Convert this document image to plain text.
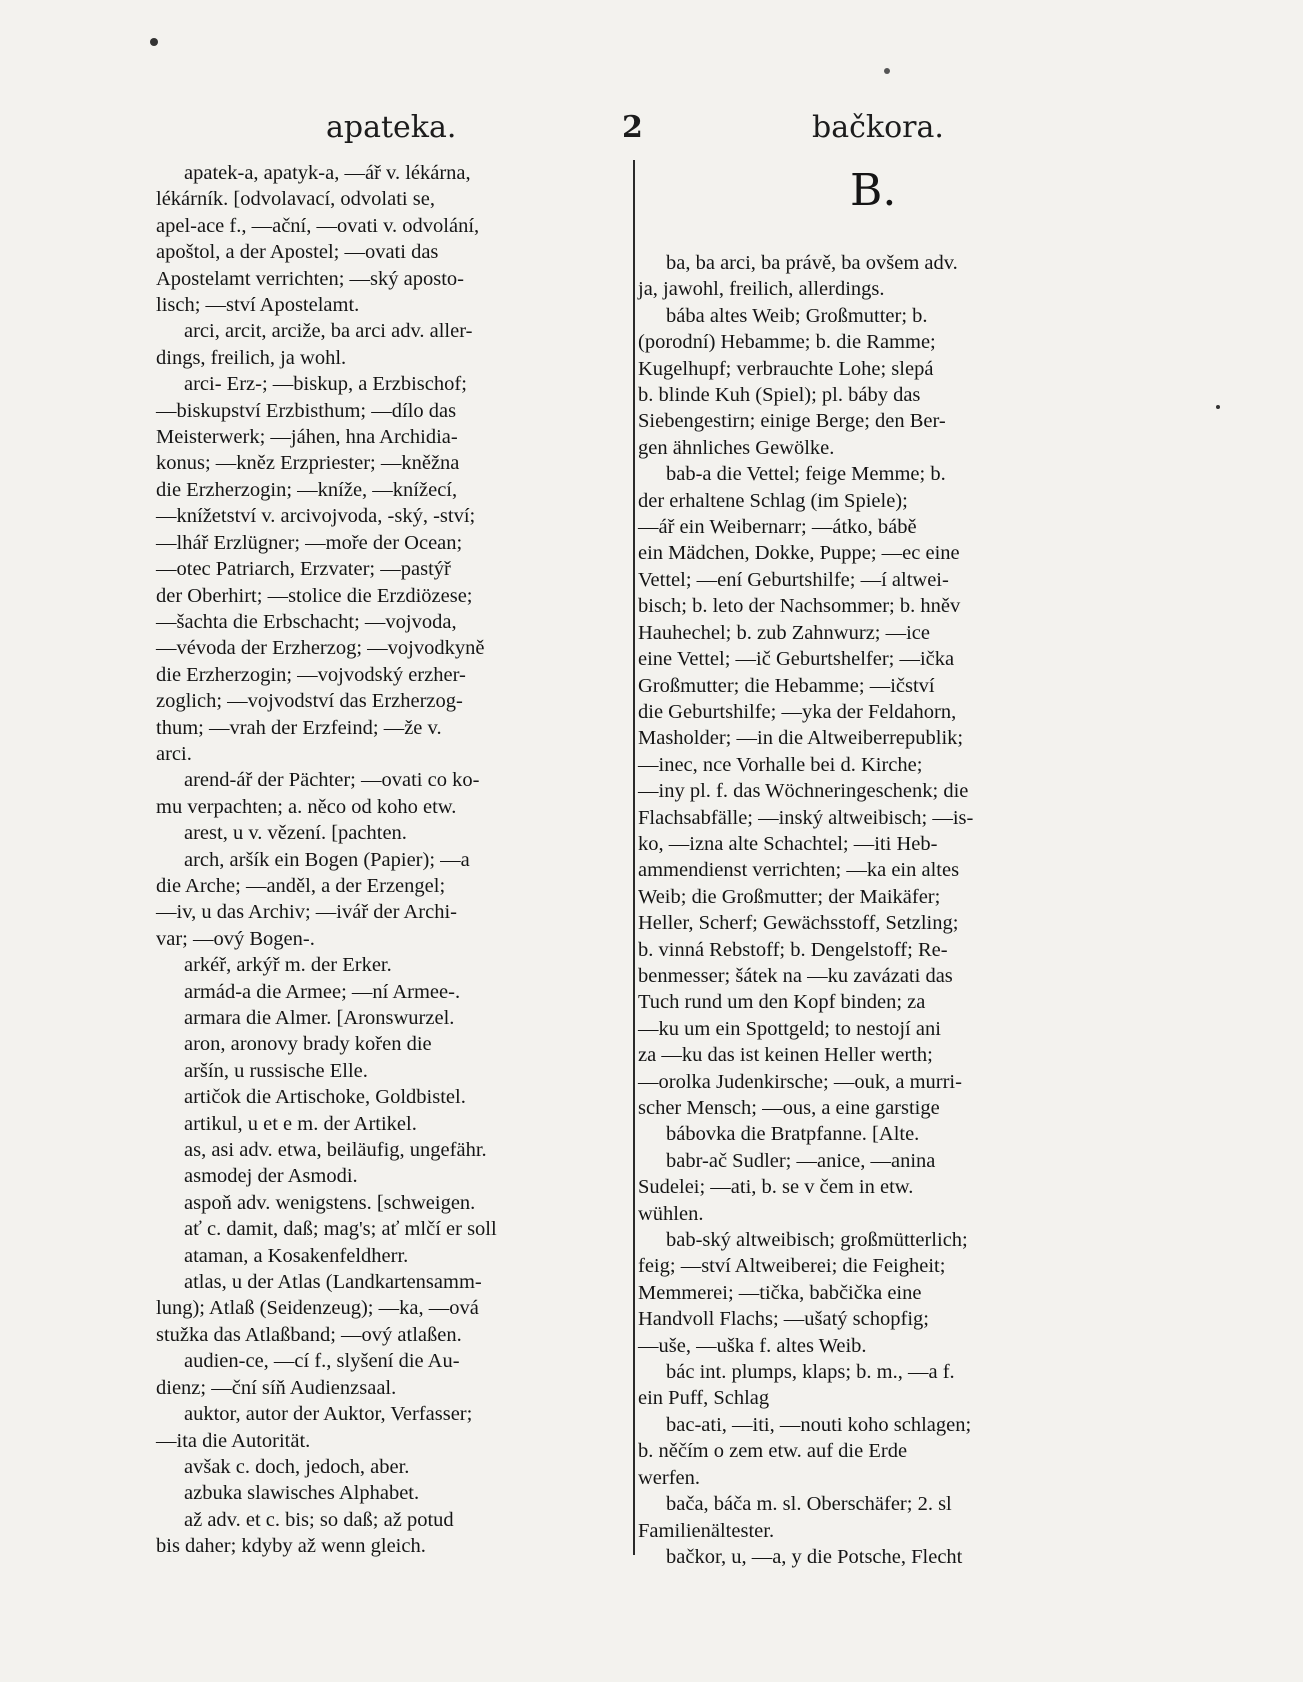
apateka.	2	bačkora.
B.

apatek-a, apatyk-a, —ář v. lékárna,

lékárník. [odvolavací, odvolati se,

apel-ace f., —ační, —ovati v. odvolání,

apoštol, a der Apostel; —ovati das

Apostelamt verrichten; —ský aposto-

lisch; —ství Apostelamt.

arci, arcit, arciže, ba arci adv. aller-

dings, freilich, ja wohl.

arci- Erz-; —biskup, a Erzbischof;

—biskupství Erzbisthum; —dílo das

Meisterwerk; —jáhen, hna Archidia-

konus; —kněz Erzpriester; —kněžna

die Erzherzogin; —kníže, —knížecí,

—knížetství v. arcivojvoda, -ský, -ství;

—lhář Erzlügner; —moře der Ocean;

—otec Patriarch, Erzvater; —pastýř

der Oberhirt; —stolice die Erzdiözese;

—šachta die Erbschacht; —vojvoda,

—vévoda der Erzherzog; —vojvodkyně

die Erzherzogin; —vojvodský erzher-

zoglich; —vojvodství das Erzherzog-

thum; —vrah der Erzfeind; —že v.

arci.

arend-ář der Pächter; —ovati co ko-

mu verpachten; a. něco od koho etw.

arest, u v. vězení. [pachten.

arch, aršík ein Bogen (Papier); —a

die Arche; —anděl, a der Erzengel;

—iv, u das Archiv; —ivář der Archi-

var; —ový Bogen-.

arkéř, arkýř m. der Erker.

armád-a die Armee; —ní Armee-.

armara die Almer. [Aronswurzel.

aron, aronovy brady kořen die

aršín, u russische Elle.

artičok die Artischoke, Goldbistel.

artikul, u et e m. der Artikel.

as, asi adv. etwa, beiläufig, ungefähr.

asmodej der Asmodi.

aspoň adv. wenigstens. [schweigen.

ať c. damit, daß; mag's; ať mlčí er soll

ataman, a Kosakenfeldherr.

atlas, u der Atlas (Landkartensamm-

lung); Atlaß (Seidenzeug); —ka, —ová

stužka das Atlaßband; —ový atlaßen.

audien-ce, —cí f., slyšení die Au-

dienz; —ční síň Audienzsaal.

auktor, autor der Auktor, Verfasser;

—ita die Autorität.

avšak c. doch, jedoch, aber.

azbuka slawisches Alphabet.

až adv. et c. bis; so daß; až potud

bis daher; kdyby až wenn gleich.

ba, ba arci, ba právě, ba ovšem adv.

ja, jawohl, freilich, allerdings.

bába altes Weib; Großmutter; b.

(porodní) Hebamme; b. die Ramme;

Kugelhupf; verbrauchte Lohe; slepá

b. blinde Kuh (Spiel); pl. báby das

Siebengestirn; einige Berge; den Ber-

gen ähnliches Gewölke.

bab-a die Vettel; feige Memme; b.

der erhaltene Schlag (im Spiele);

—ář ein Weibernarr; —átko, bábě

ein Mädchen, Dokke, Puppe; —ec eine

Vettel; —ení Geburtshilfe; —í altwei-

bisch; b. leto der Nachsommer; b. hněv

Hauhechel; b. zub Zahnwurz; —ice

eine Vettel; —ič Geburtshelfer; —ička

Großmutter; die Hebamme; —ičství

die Geburtshilfe; —yka der Feldahorn,

Masholder; —in die Altweiberrepublik;

—inec, nce Vorhalle bei d. Kirche;

—iny pl. f. das Wöchneringeschenk; die

Flachsabfälle; —inský altweibisch; —is-

ko, —izna alte Schachtel; —iti Heb-

ammendienst verrichten; —ka ein altes

Weib; die Großmutter; der Maikäfer;

Heller, Scherf; Gewächsstoff, Setzling;

b. vinná Rebstoff; b. Dengelstoff; Re-

benmesser; šátek na —ku zavázati das

Tuch rund um den Kopf binden; za

—ku um ein Spottgeld; to nestojí ani

za —ku das ist keinen Heller werth;

—orolka Judenkirsche; —ouk, a murri-

scher Mensch; —ous, a eine garstige

bábovka die Bratpfanne. [Alte.

babr-ač Sudler; —anice, —anina

Sudelei; —ati, b. se v čem in etw.

wühlen.

bab-ský altweibisch; großmütterlich;

feig; —ství Altweiberei; die Feigheit;

Memmerei; —tička, babčička eine

Handvoll Flachs; —ušatý schopfig;

—uše, —uška f. altes Weib.

bác int. plumps, klaps; b. m., —a f.

ein Puff, Schlag

bac-ati, —iti, —nouti koho schlagen;

b. něčím o zem etw. auf die Erde

werfen.

bača, báča m. sl. Oberschäfer; 2. sl

Familienältester.

bačkor, u, —a, y die Potsche, Flecht
